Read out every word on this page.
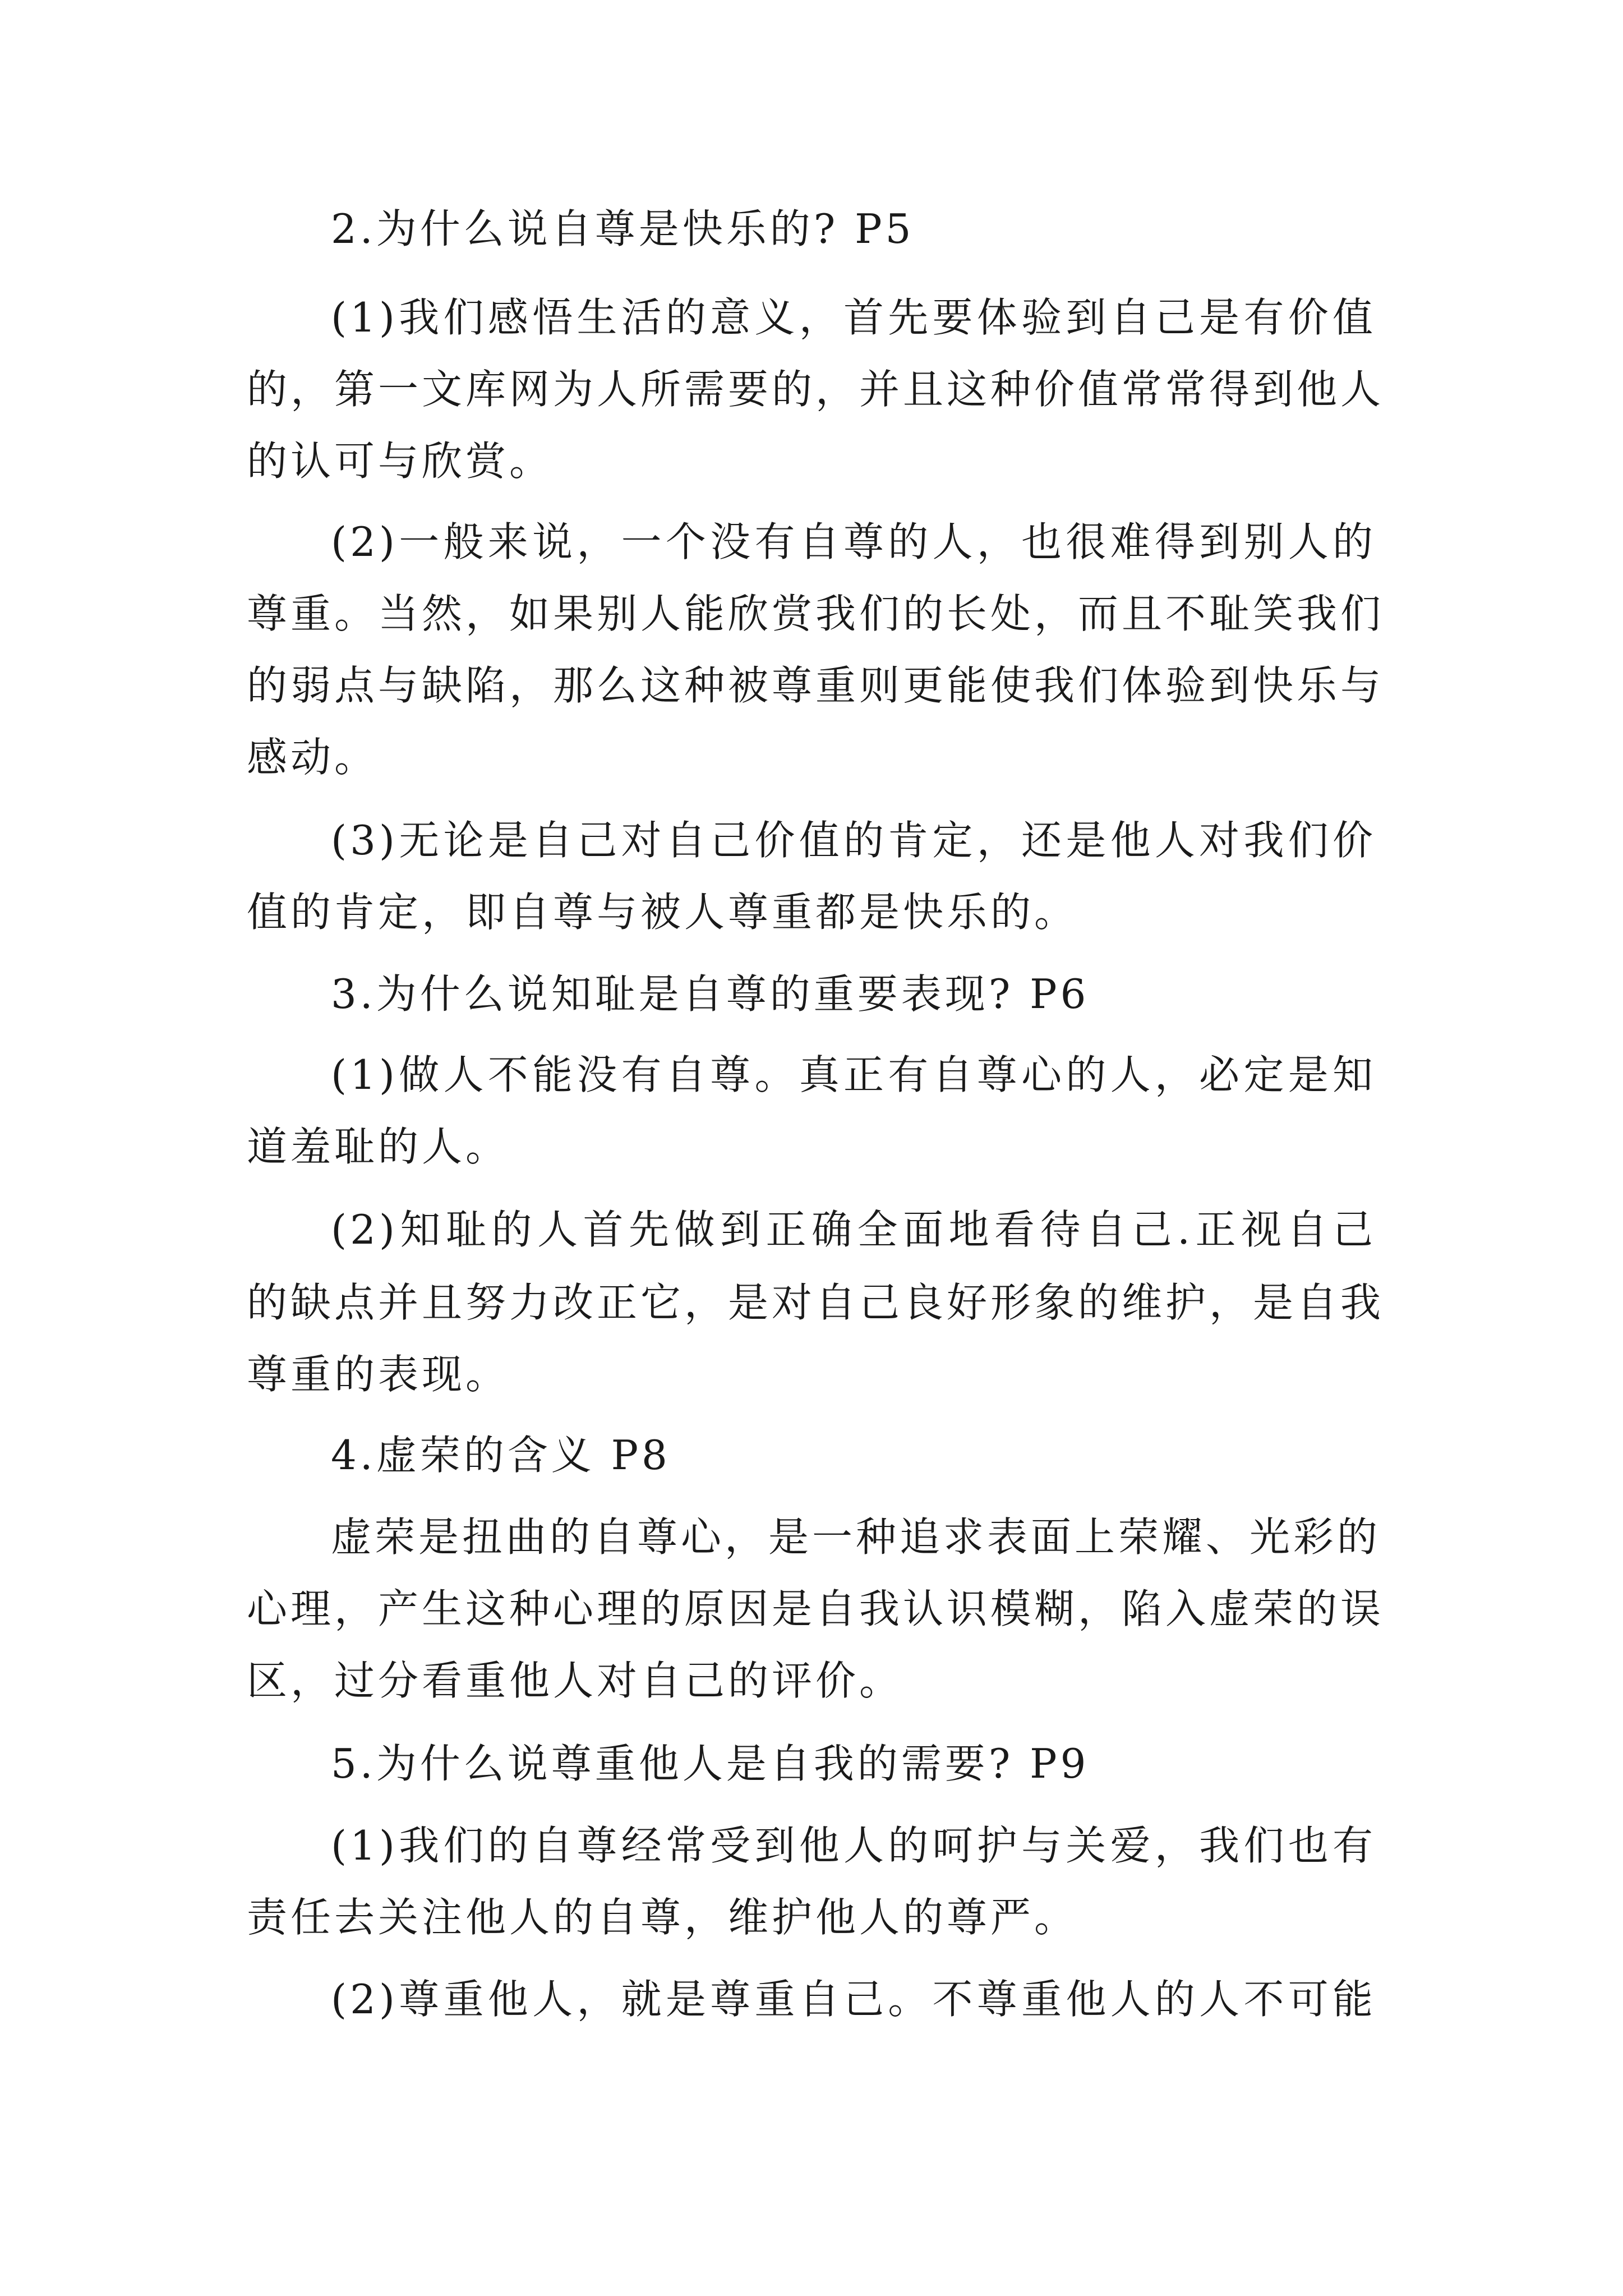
2.为什么说自尊是快乐的? P5

(1)我们感悟生活的意义，首先要体验到自己是有价值

的，第一文库网为人所需要的，并且这种价值常常得到他人

的认可与欣赏。

(2)一般来说，一个没有自尊的人，也很难得到别人的

尊重。当然，如果别人能欣赏我们的长处，而且不耻笑我们

的弱点与缺陷，那么这种被尊重则更能使我们体验到快乐与

感动。

(3)无论是自己对自己价值的肯定，还是他人对我们价

值的肯定，即自尊与被人尊重都是快乐的。

3.为什么说知耻是自尊的重要表现? P6

(1)做人不能没有自尊。真正有自尊心的人，必定是知

道羞耻的人。

(2)知耻的人首先做到正确全面地看待自己.正视自己

的缺点并且努力改正它，是对自己良好形象的维护，是自我

尊重的表现。

4.虚荣的含义 P8

虚荣是扭曲的自尊心，是一种追求表面上荣耀、光彩的

心理，产生这种心理的原因是自我认识模糊，陷入虚荣的误

区，过分看重他人对自己的评价。

5.为什么说尊重他人是自我的需要? P9

(1)我们的自尊经常受到他人的呵护与关爱，我们也有

责任去关注他人的自尊，维护他人的尊严。

(2)尊重他人，就是尊重自己。不尊重他人的人不可能
